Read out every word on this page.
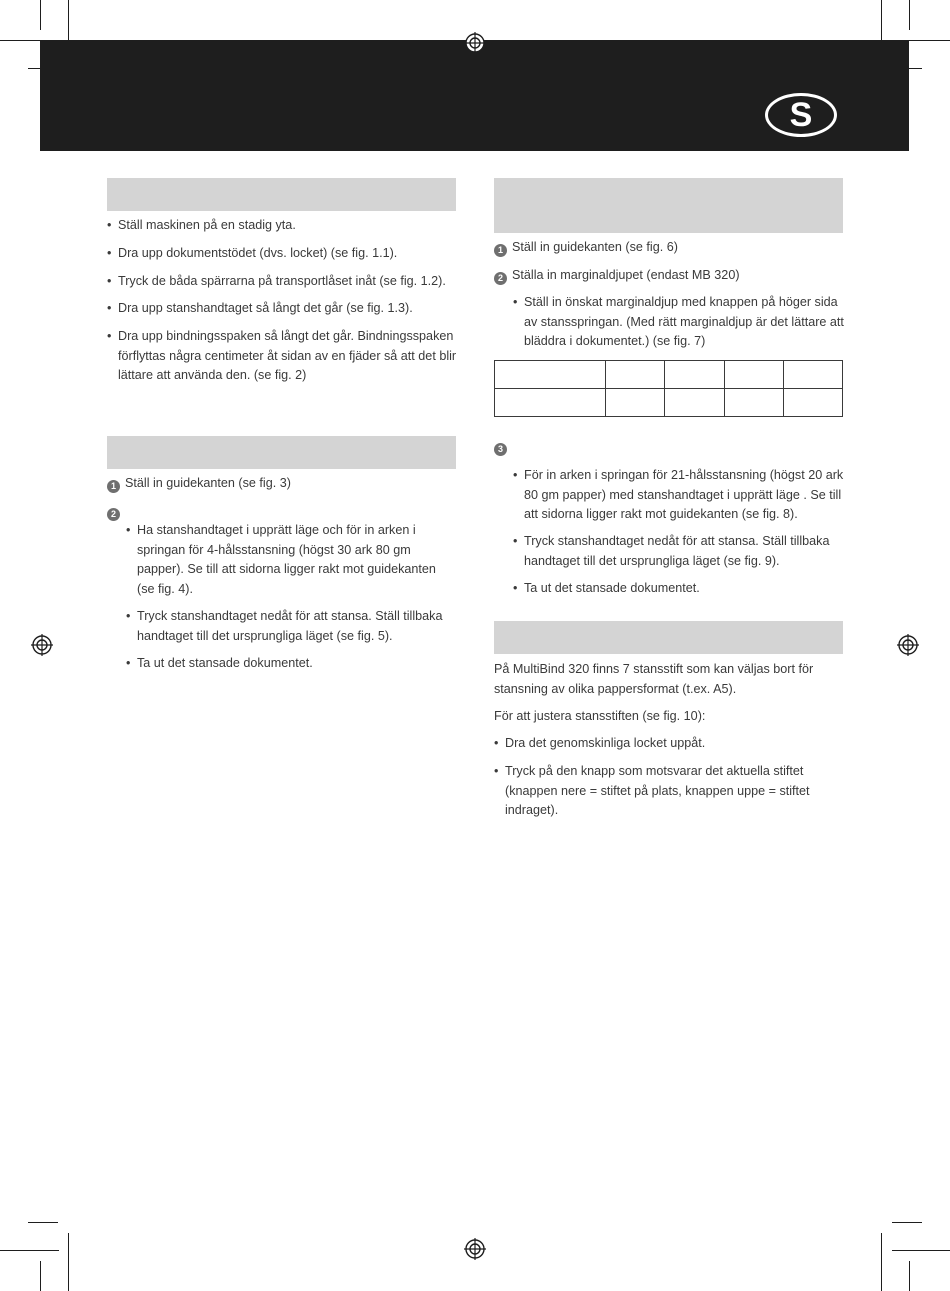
S
• Ställ maskinen på en stadig yta.
• Dra upp dokumentstödet (dvs. locket) (se fig. 1.1).
• Tryck de båda spärrarna på transportlåset inåt (se fig. 1.2).
• Dra upp stanshandtaget så långt det går (se fig. 1.3).
• Dra upp bindningsspaken så långt det går. Bindningsspaken förflyttas några centimeter åt sidan av en fjäder så att det blir lättare att använda den. (se fig. 2)
1 Ställ in guidekanten (se fig. 3)
2
• Ha stanshandtaget i upprätt läge och för in arken i springan för 4-hålsstansning (högst 30 ark 80 gm papper). Se till att sidorna ligger rakt mot guidekanten (se fig. 4).
• Tryck stanshandtaget nedåt för att stansa. Ställ tillbaka handtaget till det ursprungliga läget (se fig. 5).
• Ta ut det stansade dokumentet.
1 Ställ in guidekanten (se fig. 6)
2 Ställa in marginaldjupet (endast MB 320)
• Ställ in önskat marginaldjup med knappen på höger sida av stansspringan. (Med rätt marginaldjup är det lättare att bläddra i dokumentet.) (se fig. 7)

3
• För in arken i springan för 21-hålsstansning (högst 20 ark 80 gm papper) med stanshandtaget i upprätt läge . Se till att sidorna ligger rakt mot guidekanten (se fig. 8).
• Tryck stanshandtaget nedåt för att stansa. Ställ tillbaka handtaget till det ursprungliga läget (se fig. 9).
• Ta ut det stansade dokumentet.

På MultiBind 320 finns 7 stansstift som kan väljas bort för stansning av olika pappersformat (t.ex. A5).

För att justera stansstiften (se fig. 10):

• Dra det genomskinliga locket uppåt.
• Tryck på den knapp som motsvarar det aktuella stiftet (knappen nere = stiftet på plats, knappen uppe = stiftet indraget).
